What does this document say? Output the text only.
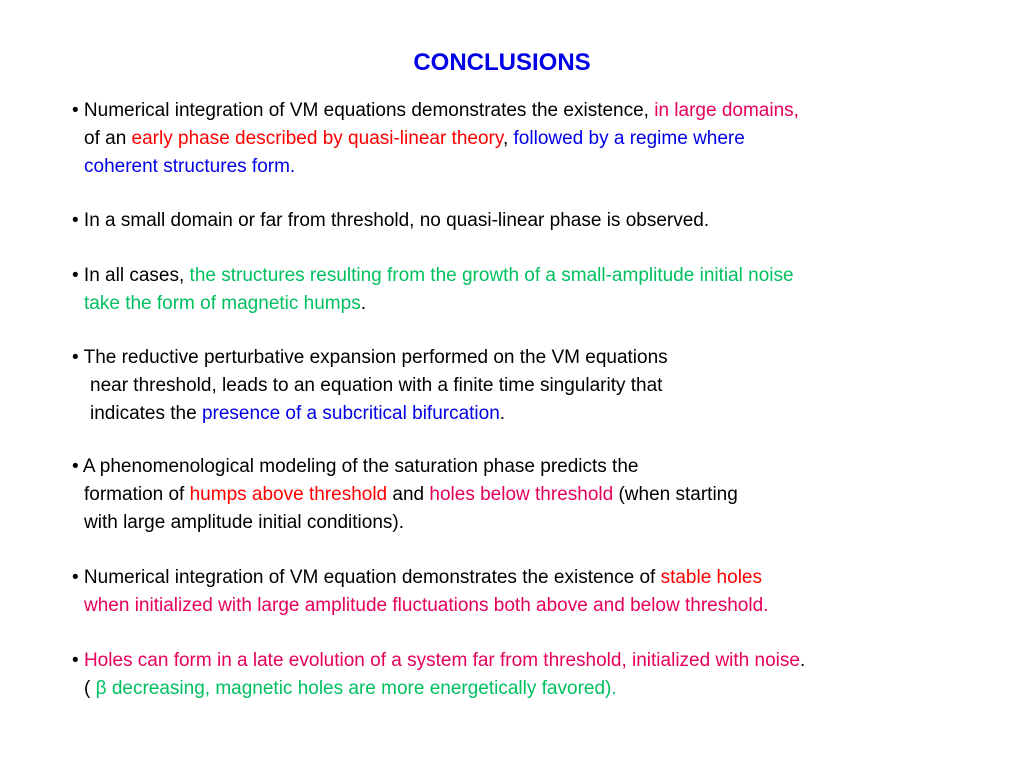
CONCLUSIONS
• Numerical integration of VM equations demonstrates the existence, in large domains,
of an early phase described by quasi-linear theory, followed by a regime where
coherent structures form.
• In a small domain or far from threshold, no quasi-linear phase is observed.
• In all cases, the structures resulting from the growth of a small-amplitude initial noise
take the form of magnetic humps.
• The reductive perturbative expansion performed on the VM equations
near threshold, leads to an equation with a finite time singularity that
indicates the presence of a subcritical bifurcation.
• A phenomenological modeling of the saturation phase predicts the
formation of humps above threshold and holes below threshold (when starting
with large amplitude initial conditions).
• Numerical integration of VM equation demonstrates the existence of stable holes
when initialized with large amplitude fluctuations both above and below threshold.
• Holes can form in a late evolution of a system far from threshold, initialized with noise.
( β decreasing, magnetic holes are more energetically favored).
